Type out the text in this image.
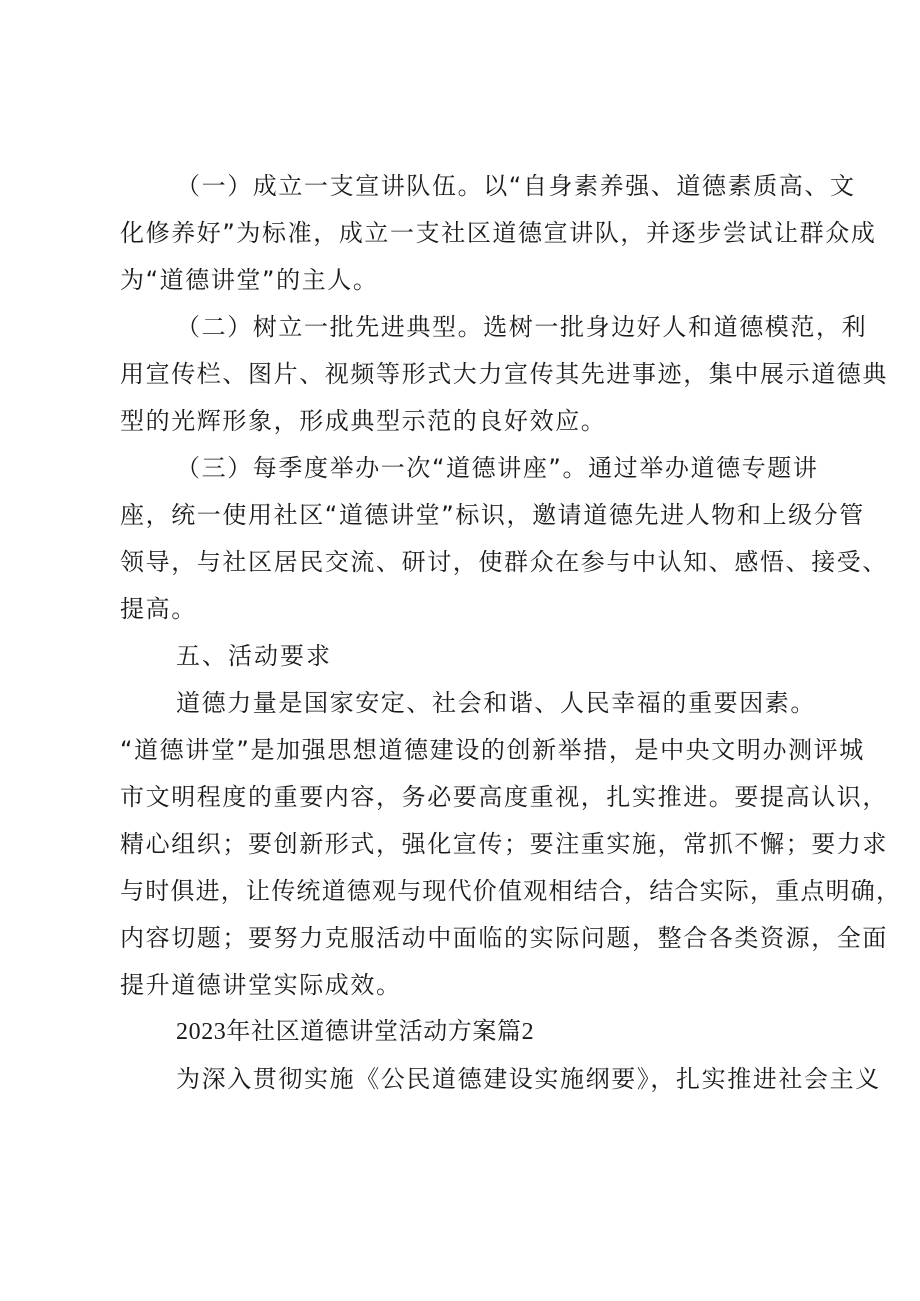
（一）成立一支宣讲队伍。以“自身素养强、道德素质高、文
化修养好”为标准，成立一支社区道德宣讲队，并逐步尝试让群众成
为“道德讲堂”的主人。
（二）树立一批先进典型。选树一批身边好人和道德模范，利
用宣传栏、图片、视频等形式大力宣传其先进事迹，集中展示道德典
型的光辉形象，形成典型示范的良好效应。
（三）每季度举办一次“道德讲座”。通过举办道德专题讲
座，统一使用社区“道德讲堂”标识，邀请道德先进人物和上级分管
领导，与社区居民交流、研讨，使群众在参与中认知、感悟、接受、
提高。
五、活动要求
道德力量是国家安定、社会和谐、人民幸福的重要因素。
“道德讲堂”是加强思想道德建设的创新举措，是中央文明办测评城
市文明程度的重要内容，务必要高度重视，扎实推进。要提高认识，
精心组织；要创新形式，强化宣传；要注重实施，常抓不懈；要力求
与时俱进，让传统道德观与现代价值观相结合，结合实际，重点明确，
内容切题；要努力克服活动中面临的实际问题，整合各类资源，全面
提升道德讲堂实际成效。
2023年社区道德讲堂活动方案篇2
为深入贯彻实施《公民道德建设实施纲要》，扎实推进社会主义
